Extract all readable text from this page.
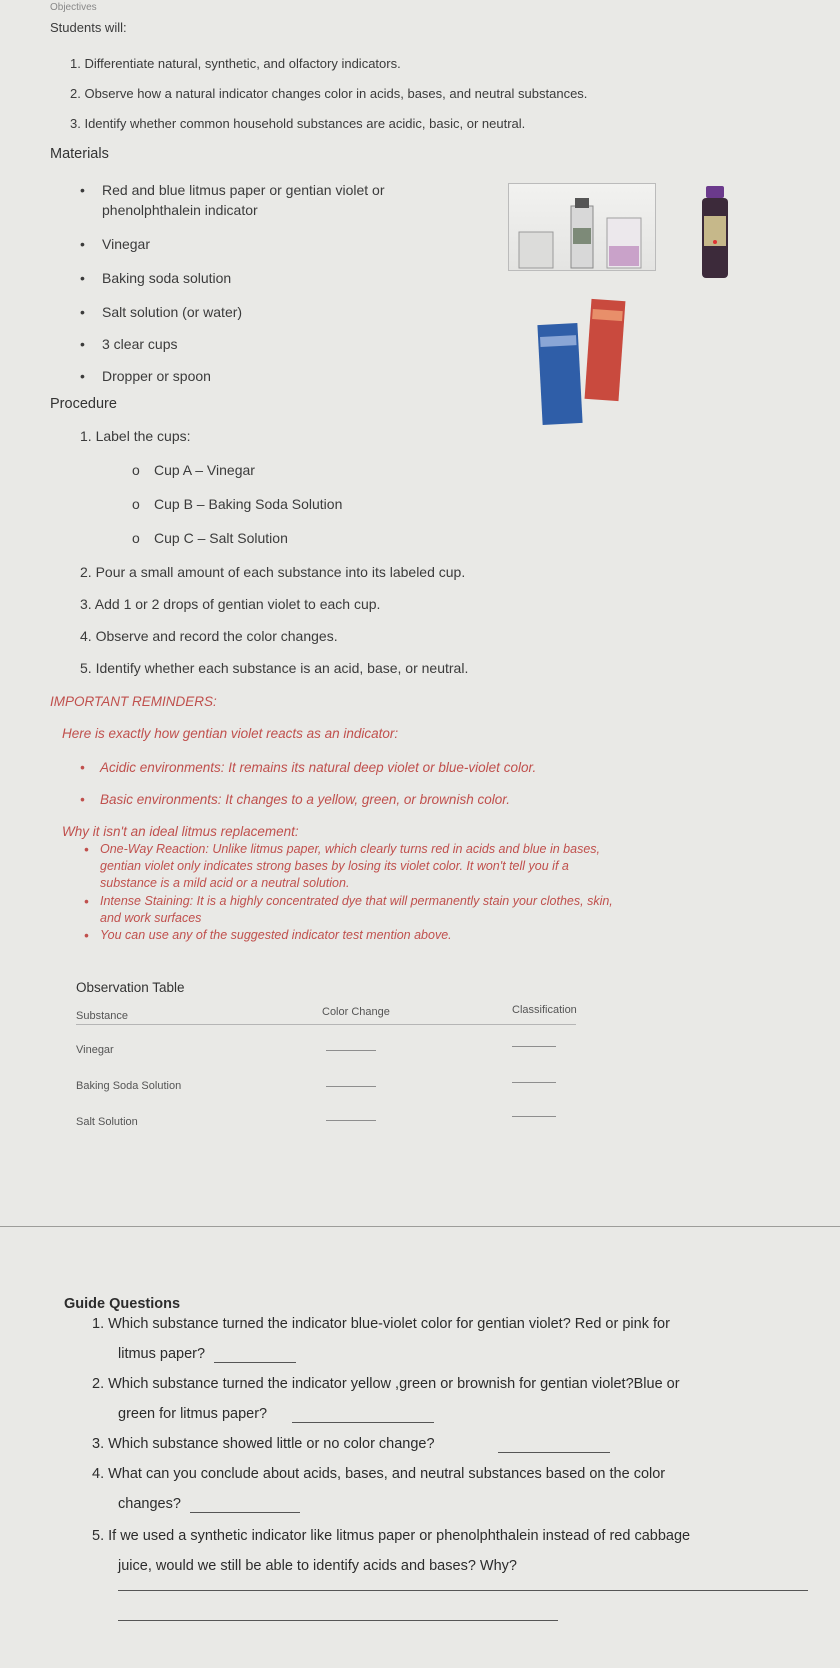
Objectives
Students will:
1. Differentiate natural, synthetic, and olfactory indicators.
2. Observe how a natural indicator changes color in acids, bases, and neutral substances.
3. Identify whether common household substances are acidic, basic, or neutral.
Materials
• Red and blue litmus paper or gentian violet or
phenolphthalein indicator
• Vinegar
• Baking soda solution
• Salt solution (or water)
• 3 clear cups
• Dropper or spoon
Procedure
1. Label the cups:
o Cup A – Vinegar
o Cup B – Baking Soda Solution
o Cup C – Salt Solution
2. Pour a small amount of each substance into its labeled cup.
3. Add 1 or 2 drops of gentian violet to each cup.
4. Observe and record the color changes.
5. Identify whether each substance is an acid, base, or neutral.
IMPORTANT REMINDERS:
Here is exactly how gentian violet reacts as an indicator:
• Acidic environments: It remains its natural deep violet or blue-violet color.
• Basic environments: It changes to a yellow, green, or brownish color.
Why it isn't an ideal litmus replacement:
• One-Way Reaction: Unlike litmus paper, which clearly turns red in acids and blue in bases,
gentian violet only indicates strong bases by losing its violet color. It won't tell you if a
substance is a mild acid or a neutral solution.
• Intense Staining: It is a highly concentrated dye that will permanently stain your clothes, skin,
and work surfaces
• You can use any of the suggested indicator test mention above.
Observation Table
Substance	Color Change	Classification
Vinegar
Baking Soda Solution
Salt Solution
Guide Questions
1. Which substance turned the indicator blue-violet color for gentian violet? Red or pink for
litmus paper?
2. Which substance turned the indicator yellow ,green or brownish for gentian violet?Blue or
green for litmus paper?
3. Which substance showed little or no color change?
4. What can you conclude about acids, bases, and neutral substances based on the color
changes?
5. If we used a synthetic indicator like litmus paper or phenolphthalein instead of red cabbage
juice, would we still be able to identify acids and bases? Why?
